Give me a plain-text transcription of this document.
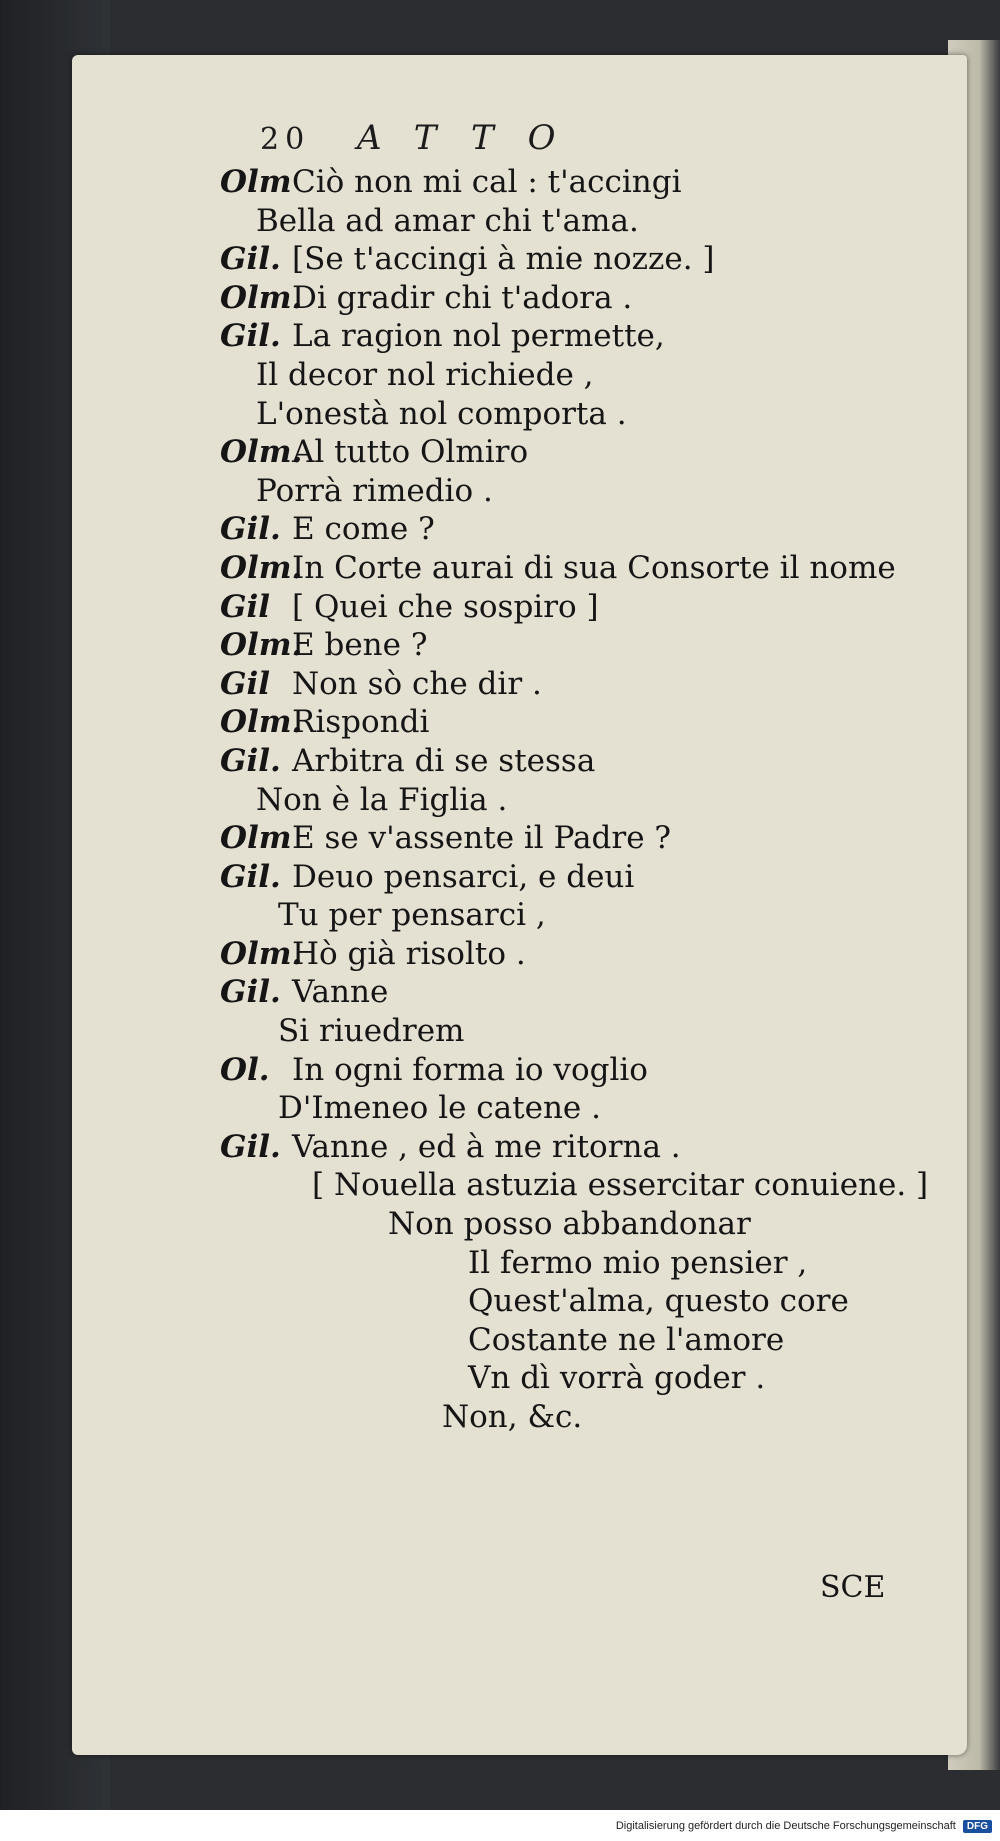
20 ATTO
OlmCiò non mi cal : t'accingi
Bella ad amar chi t'ama.
Gil. [Se t'accingi à mie nozze. ]
Olm.Di gradir chi t'adora .
Gil. La ragion nol permette,
Il decor nol richiede ,
L'onestà nol comporta .
Olm.Al tutto Olmiro
Porrà rimedio .
Gil. E come ?
Olm.In Corte aurai di sua Consorte il nome
Gil [ Quei che sospiro ]
Olm.E bene ?
Gil Non sò che dir .
Olm.Rispondi
Gil. Arbitra di se stessa
Non è la Figlia .
OlmE se v'assente il Padre ?
Gil. Deuo pensarci, e deui
Tu per pensarci ,
Olm.Hò già risolto .
Gil. Vanne
Si riuedrem
Ol. In ogni forma io voglio
D'Imeneo le catene .
Gil. Vanne , ed à me ritorna .
[ Nouella astuzia essercitar conuiene. ]
Non posso abbandonar
Il fermo mio pensier ,
Quest'alma, questo core
Costante ne l'amore
Vn dì vorrà goder .
Non, &c.
SCE
Digitalisierung gefördert durch die Deutsche Forschungsgemeinschaft DFG
